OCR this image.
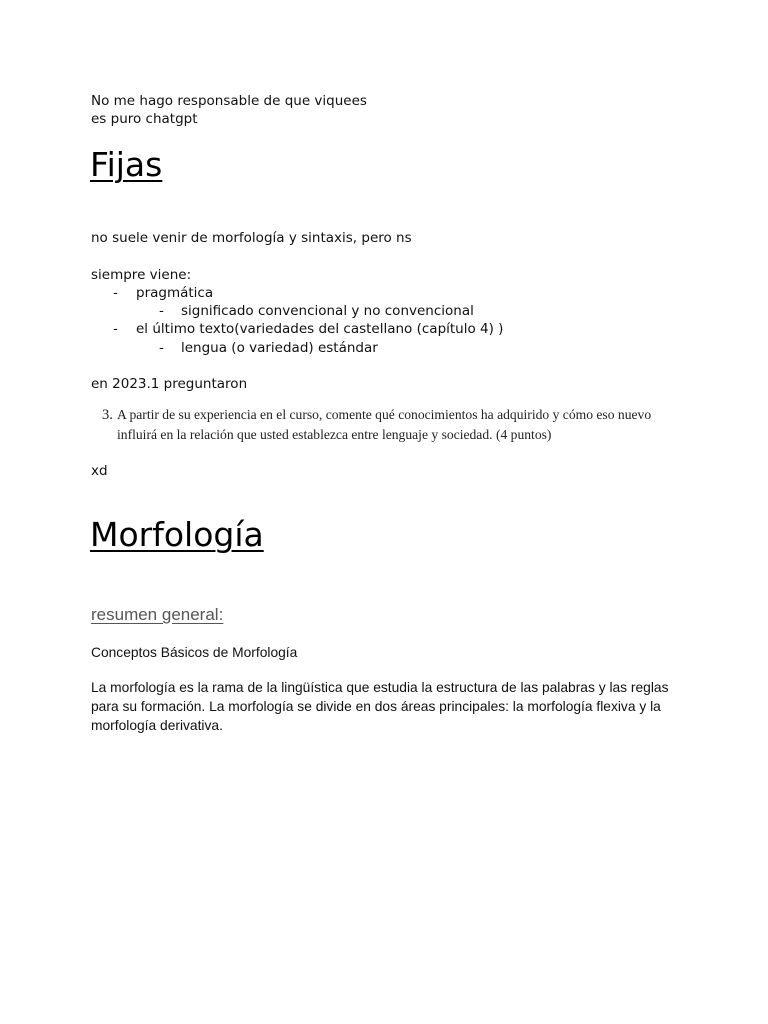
No me hago responsable de que viquees

es puro chatgpt

Fijas

no suele venir de morfología y sintaxis, pero ns

siempre viene:

- pragmática
- significado convencional y no convencional
- el último texto(variedades del castellano (capítulo 4) )
- lengua (o variedad) estándar

en 2023.1 preguntaron

3. A partir de su experiencia en el curso, comente qué conocimientos ha adquirido y cómo eso nuevo
influirá en la relación que usted establezca entre lenguaje y sociedad. (4 puntos)

xd

Morfología

resumen general:

Conceptos Básicos de Morfología

La morfología es la rama de la lingüística que estudia la estructura de las palabras y las reglas

para su formación. La morfología se divide en dos áreas principales: la morfología flexiva y la

morfología derivativa.
